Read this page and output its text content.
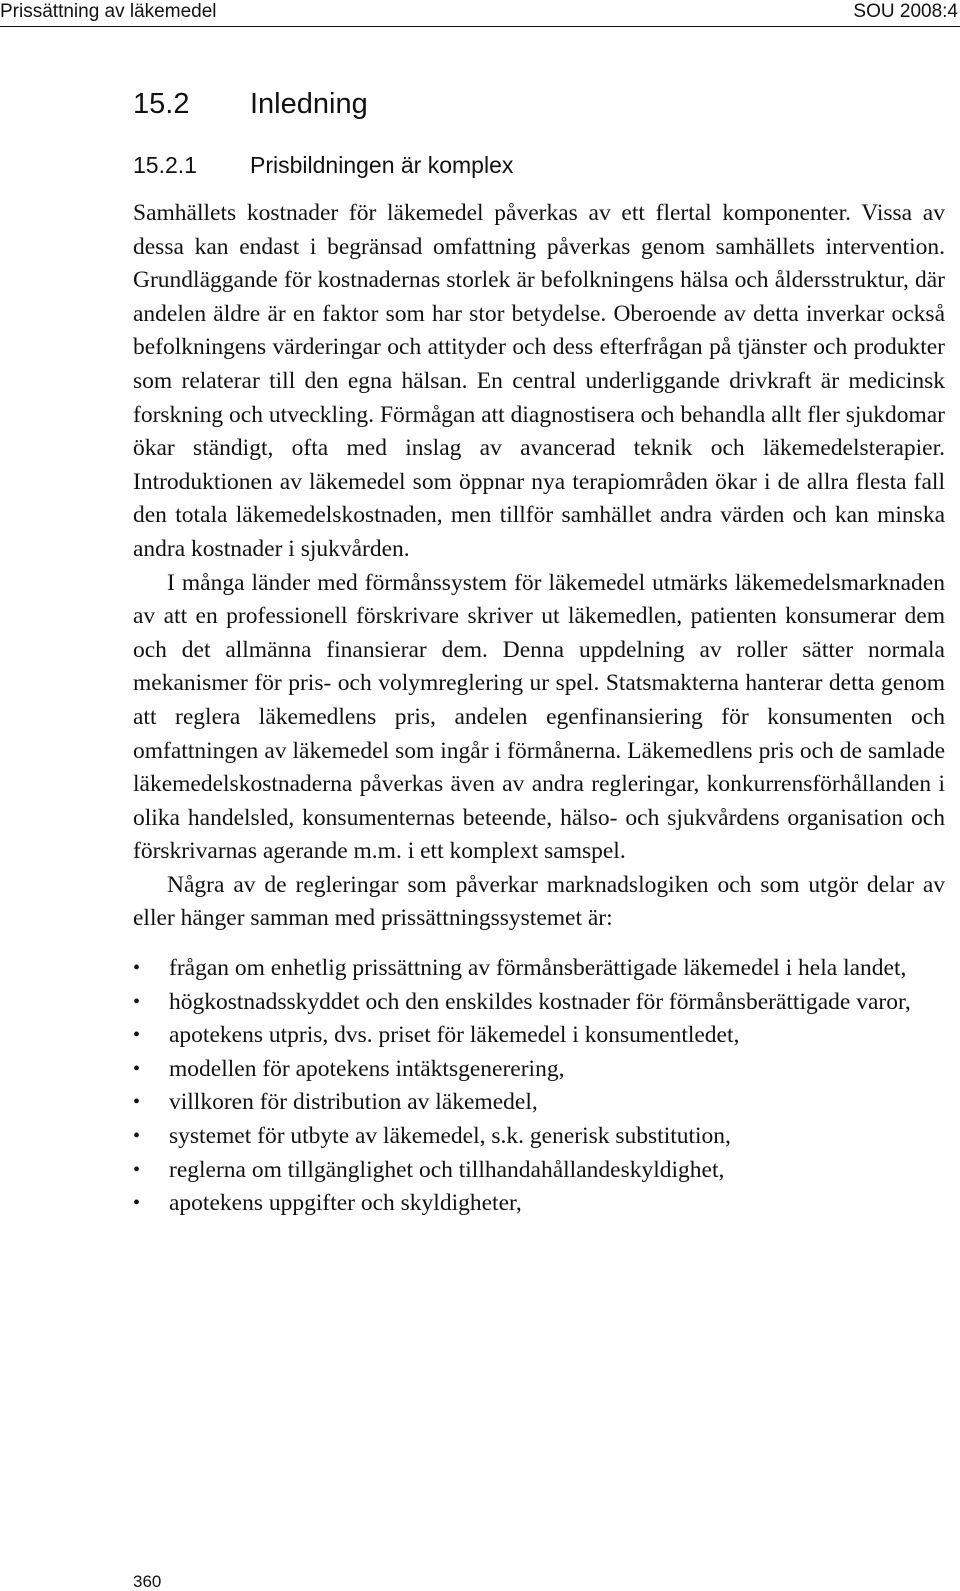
Prissättning av läkemedel	SOU 2008:4
15.2 Inledning
15.2.1 Prisbildningen är komplex

Samhällets kostnader för läkemedel påverkas av ett flertal komponenter. Vissa av dessa kan endast i begränsad omfattning påverkas genom samhällets intervention. Grundläggande för kostnadernas storlek är befolkningens hälsa och åldersstruktur, där andelen äldre är en faktor som har stor betydelse. Oberoende av detta inverkar också befolkningens värderingar och attityder och dess efterfrågan på tjänster och produkter som relaterar till den egna hälsan. En central underliggande drivkraft är medicinsk forskning och utveckling. Förmågan att diagnostisera och behandla allt fler sjukdomar ökar ständigt, ofta med inslag av avancerad teknik och läkemedelsterapier. Introduktionen av läkemedel som öppnar nya terapiområden ökar i de allra flesta fall den totala läkemedelskostnaden, men tillför samhället andra värden och kan minska andra kostnader i sjukvården.

I många länder med förmånssystem för läkemedel utmärks läkemedelsmarknaden av att en professionell förskrivare skriver ut läkemedlen, patienten konsumerar dem och det allmänna finansierar dem. Denna uppdelning av roller sätter normala mekanismer för pris- och volymreglering ur spel. Statsmakterna hanterar detta genom att reglera läkemedlens pris, andelen egenfinansiering för konsumenten och omfattningen av läkemedel som ingår i förmånerna. Läkemedlens pris och de samlade läkemedelskostnaderna påverkas även av andra regleringar, konkurrensförhållanden i olika handelsled, konsumenternas beteende, hälso- och sjukvårdens organisation och förskrivarnas agerande m.m. i ett komplext samspel.

Några av de regleringar som påverkar marknadslogiken och som utgör delar av eller hänger samman med prissättningssystemet är:

•	frågan om enhetlig prissättning av förmånsberättigade läkemedel i hela landet,
•	högkostnadsskyddet och den enskildes kostnader för förmånsberättigade varor,
•	apotekens utpris, dvs. priset för läkemedel i konsumentledet,
•	modellen för apotekens intäktsgenerering,
•	villkoren för distribution av läkemedel,
•	systemet för utbyte av läkemedel, s.k. generisk substitution,
•	reglerna om tillgänglighet och tillhandahållandeskyldighet,
•	apotekens uppgifter och skyldigheter,
360
